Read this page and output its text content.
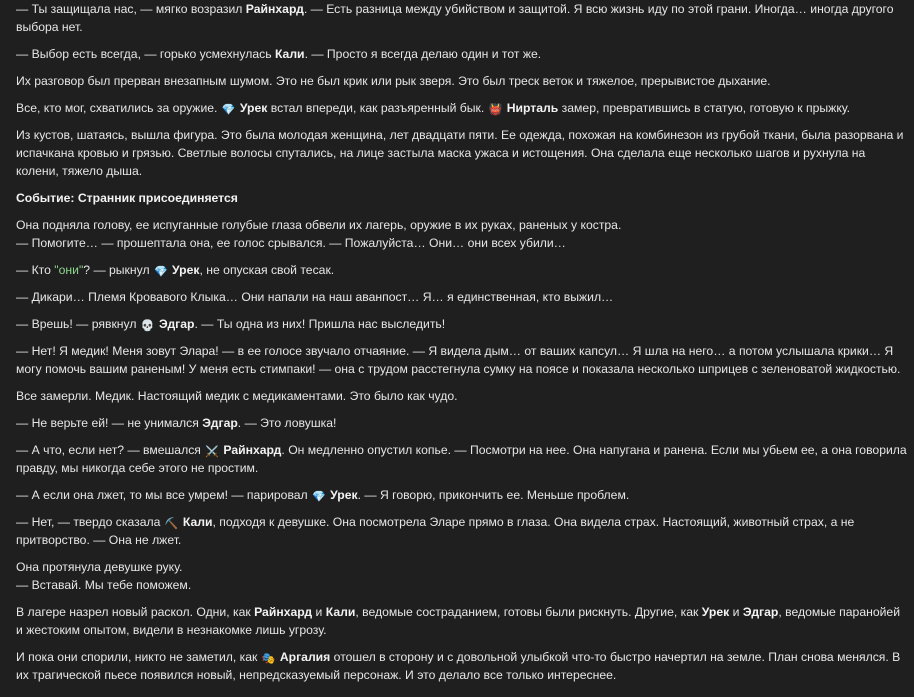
— Ты защищала нас, — мягко возразил Райнхард. — Есть разница между убийством и защитой. Я всю жизнь иду по этой грани. Иногда… иногда другого выбора нет.

— Выбор есть всегда, — горько усмехнулась Кали. — Просто я всегда делаю один и тот же.

Их разговор был прерван внезапным шумом. Это не был крик или рык зверя. Это был треск веток и тяжелое, прерывистое дыхание.

Все, кто мог, схватились за оружие. 💎 Урек встал впереди, как разъяренный бык. 👹 Нирталь замер, превратившись в статую, готовую к прыжку.

Из кустов, шатаясь, вышла фигура. Это была молодая женщина, лет двадцати пяти. Ее одежда, похожая на комбинезон из грубой ткани, была разорвана и испачкана кровью и грязью. Светлые волосы спутались, на лице застыла маска ужаса и истощения. Она сделала еще несколько шагов и рухнула на колени, тяжело дыша.

Событие: Странник присоединяется

Она подняла голову, ее испуганные голубые глаза обвели их лагерь, оружие в их руках, раненых у костра.
— Помогите… — прошептала она, ее голос срывался. — Пожалуйста… Они… они всех убили…

— Кто "они"? — рыкнул 💎 Урек, не опуская свой тесак.

— Дикари… Племя Кровавого Клыка… Они напали на наш аванпост… Я… я единственная, кто выжил…

— Врешь! — рявкнул 💀 Эдгар. — Ты одна из них! Пришла нас выследить!

— Нет! Я медик! Меня зовут Элара! — в ее голосе звучало отчаяние. — Я видела дым… от ваших капсул… Я шла на него… а потом услышала крики… Я могу помочь вашим раненым! У меня есть стимпаки! — она с трудом расстегнула сумку на поясе и показала несколько шприцев с зеленоватой жидкостью.

Все замерли. Медик. Настоящий медик с медикаментами. Это было как чудо.

— Не верьте ей! — не унимался Эдгар. — Это ловушка!

— А что, если нет? — вмешался ⚔️ Райнхард. Он медленно опустил копье. — Посмотри на нее. Она напугана и ранена. Если мы убьем ее, а она говорила правду, мы никогда себе этого не простим.

— А если она лжет, то мы все умрем! — парировал 💎 Урек. — Я говорю, прикончить ее. Меньше проблем.

— Нет, — твердо сказала ⛏️ Кали, подходя к девушке. Она посмотрела Эларе прямо в глаза. Она видела страх. Настоящий, животный страх, а не притворство. — Она не лжет.

Она протянула девушке руку.
— Вставай. Мы тебе поможем.

В лагере назрел новый раскол. Одни, как Райнхард и Кали, ведомые состраданием, готовы были рискнуть. Другие, как Урек и Эдгар, ведомые паранойей и жестоким опытом, видели в незнакомке лишь угрозу.

И пока они спорили, никто не заметил, как 🎭 Аргалия отошел в сторону и с довольной улыбкой что-то быстро начертил на земле. План снова менялся. В их трагической пьесе появился новый, непредсказуемый персонаж. И это делало все только интереснее.
